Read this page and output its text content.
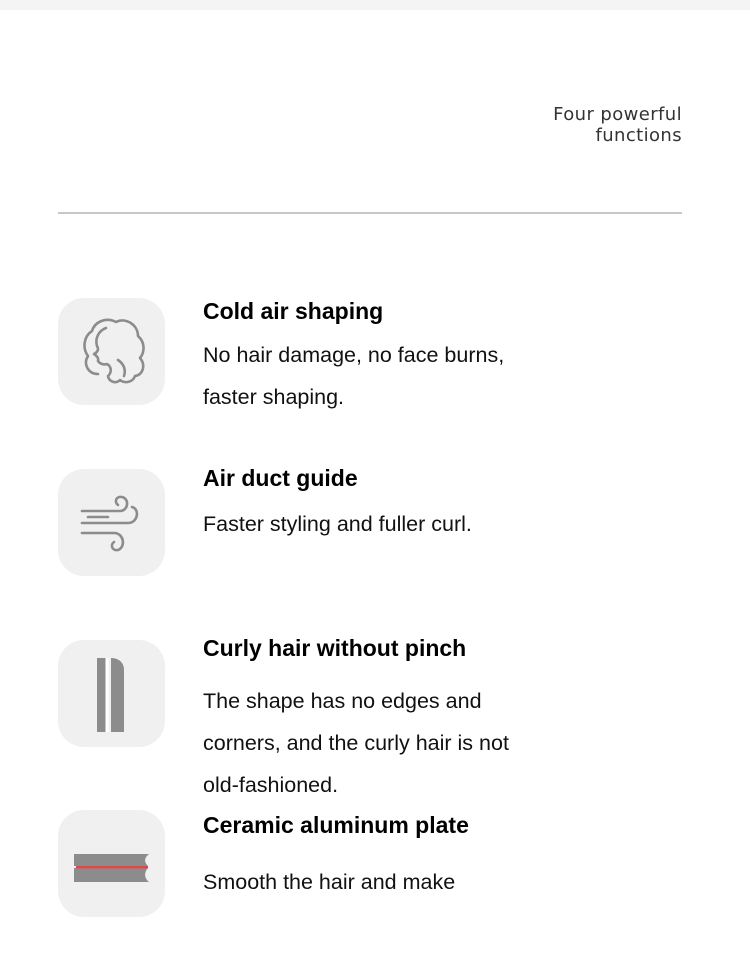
Four powerful
functions
Cold air shaping
No hair damage, no face burns, faster shaping.
Air duct guide
Faster styling and fuller curl.
Curly hair without pinch
The shape has no edges and corners, and the curly hair is not old-fashioned.
Ceramic aluminum plate
Smooth the hair and make
